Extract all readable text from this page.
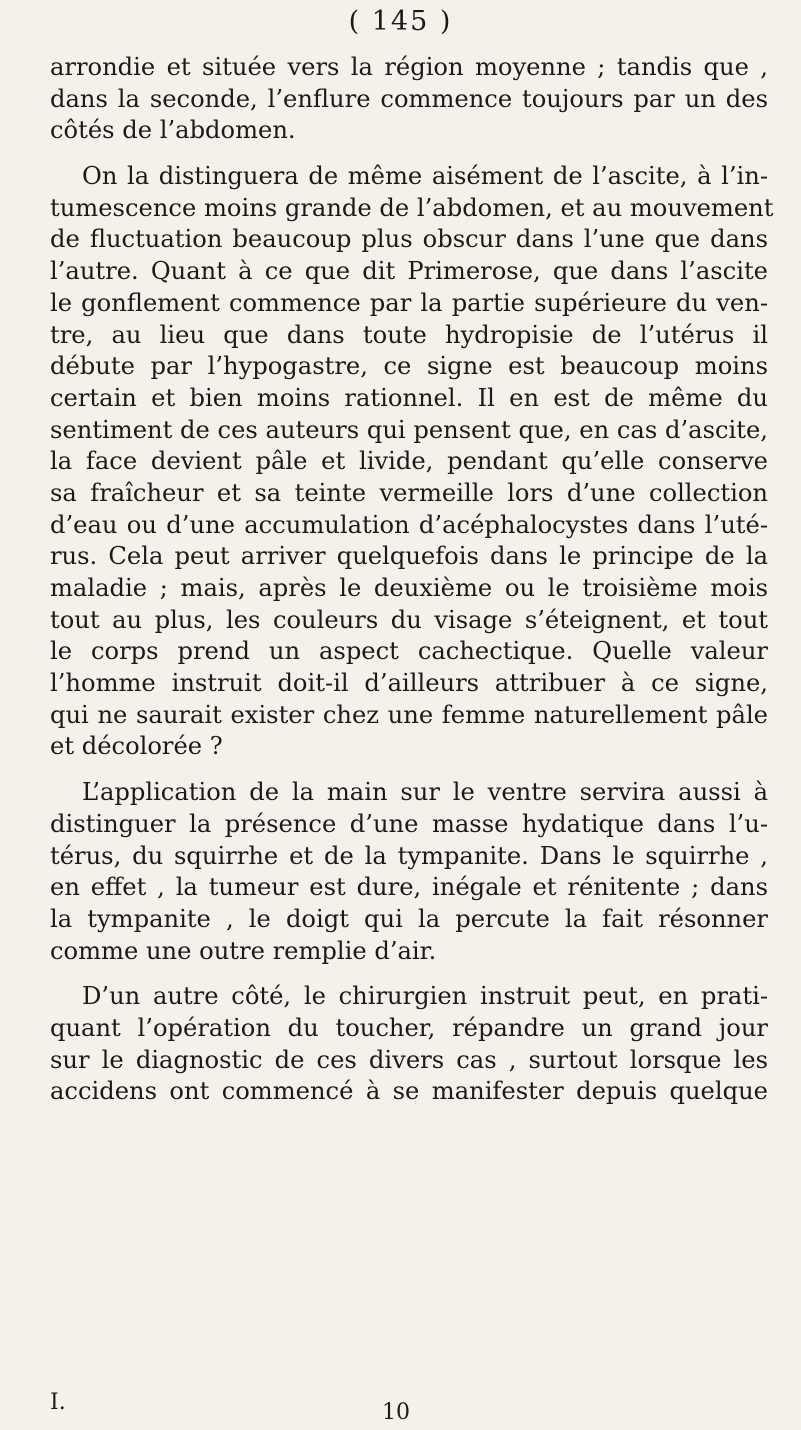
( 145 )
arrondie et située vers la région moyenne ; tandis que ,
dans la seconde, l’enflure commence toujours par un des
côtés de l’abdomen.
On la distinguera de même aisément de l’ascite, à l’in-
tumescence moins grande de l’abdomen, et au mouvement
de fluctuation beaucoup plus obscur dans l’une que dans
l’autre. Quant à ce que dit Primerose, que dans l’ascite
le gonflement commence par la partie supérieure du ven-
tre, au lieu que dans toute hydropisie de l’utérus il
débute par l’hypogastre, ce signe est beaucoup moins
certain et bien moins rationnel. Il en est de même du
sentiment de ces auteurs qui pensent que, en cas d’ascite,
la face devient pâle et livide, pendant qu’elle conserve
sa fraîcheur et sa teinte vermeille lors d’une collection
d’eau ou d’une accumulation d’acéphalocystes dans l’uté-
rus. Cela peut arriver quelquefois dans le principe de la
maladie ; mais, après le deuxième ou le troisième mois
tout au plus, les couleurs du visage s’éteignent, et tout
le corps prend un aspect cachectique. Quelle valeur
l’homme instruit doit-il d’ailleurs attribuer à ce signe,
qui ne saurait exister chez une femme naturellement pâle
et décolorée ?
L’application de la main sur le ventre servira aussi à
distinguer la présence d’une masse hydatique dans l’u-
térus, du squirrhe et de la tympanite. Dans le squirrhe ,
en effet , la tumeur est dure, inégale et rénitente ; dans
la tympanite , le doigt qui la percute la fait résonner
comme une outre remplie d’air.
D’un autre côté, le chirurgien instruit peut, en prati-
quant l’opération du toucher, répandre un grand jour
sur le diagnostic de ces divers cas , surtout lorsque les
accidens ont commencé à se manifester depuis quelque
I.	10
